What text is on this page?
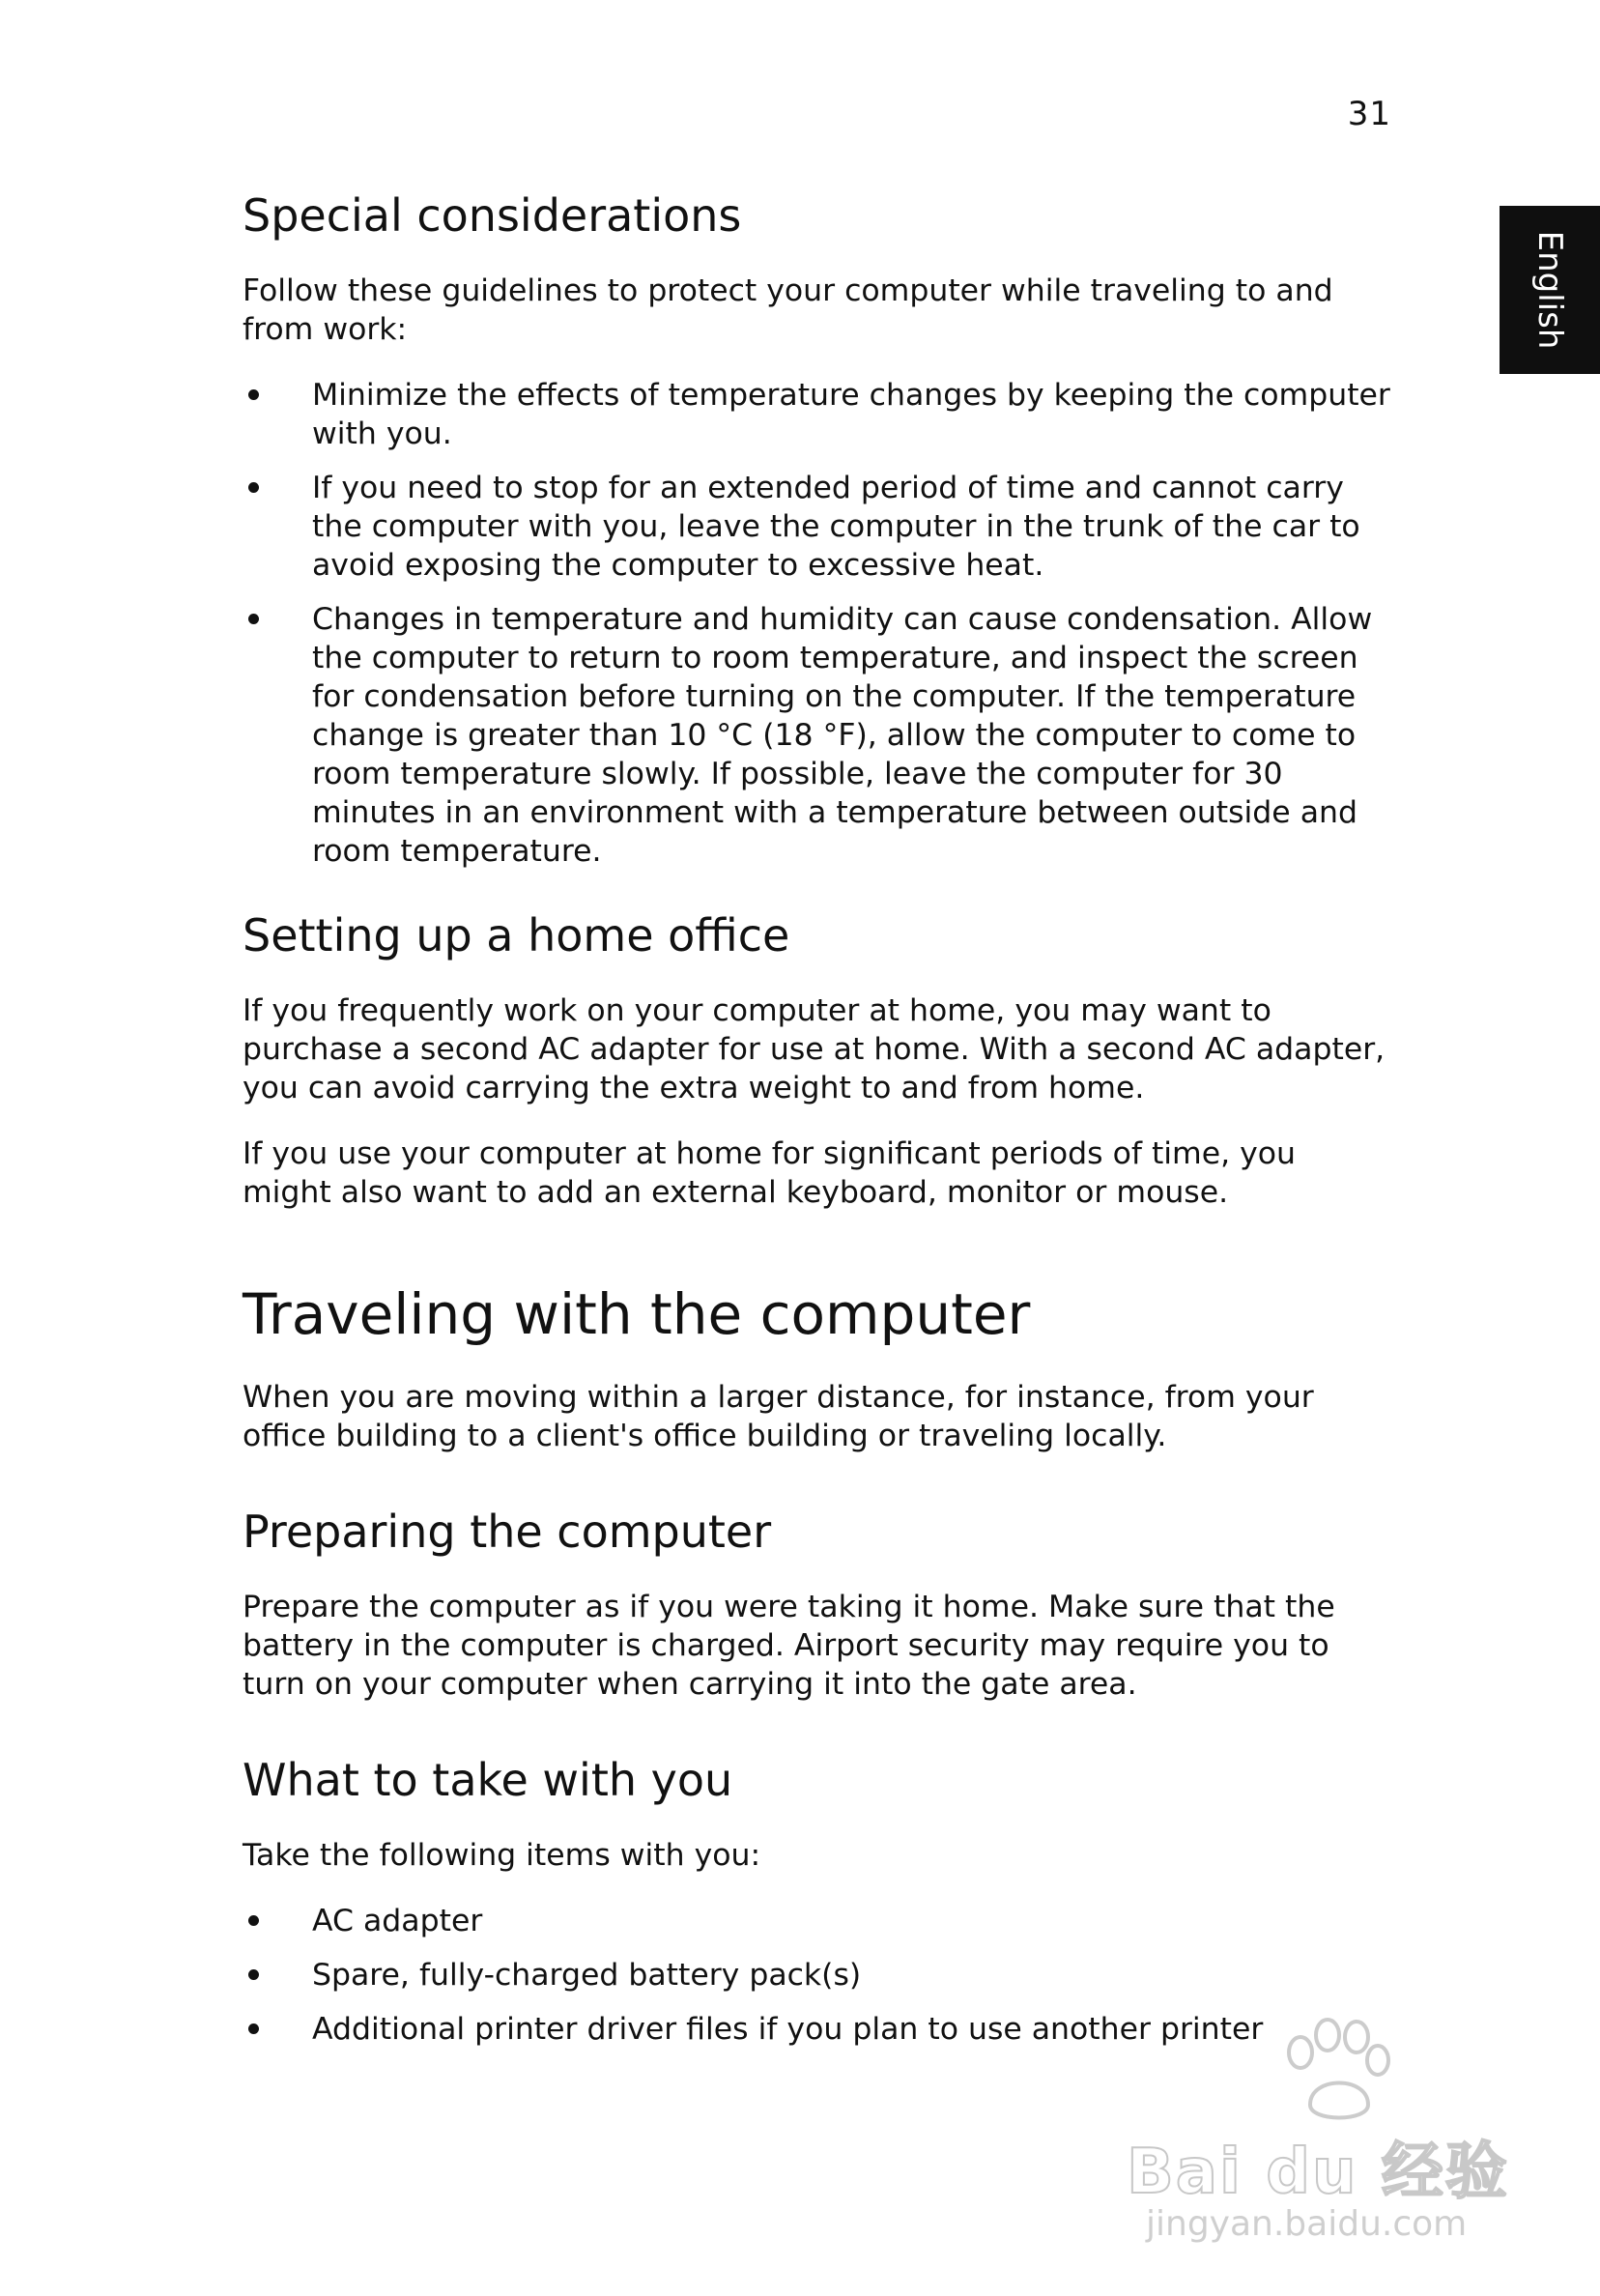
31
English
Special considerations

Follow these guidelines to protect your computer while traveling to and from work:

Minimize the effects of temperature changes by keeping the computer with you.
If you need to stop for an extended period of time and cannot carry the computer with you, leave the computer in the trunk of the car to avoid exposing the computer to excessive heat.
Changes in temperature and humidity can cause condensation. Allow the computer to return to room temperature, and inspect the screen for condensation before turning on the computer. If the temperature change is greater than 10 °C (18 °F), allow the computer to come to room temperature slowly. If possible, leave the computer for 30 minutes in an environment with a temperature between outside and room temperature.
Setting up a home office

If you frequently work on your computer at home, you may want to purchase a second AC adapter for use at home. With a second AC adapter, you can avoid carrying the extra weight to and from home.

If you use your computer at home for significant periods of time, you might also want to add an external keyboard, monitor or mouse.

Traveling with the computer

When you are moving within a larger distance, for instance, from your office building to a client's office building or traveling locally.

Preparing the computer

Prepare the computer as if you were taking it home. Make sure that the battery in the computer is charged. Airport security may require you to turn on your computer when carrying it into the gate area.

What to take with you

Take the following items with you:

AC adapter
Spare, fully-charged battery pack(s)
Additional printer driver files if you plan to use another printer
Bai du 经验
jingyan.baidu.com
